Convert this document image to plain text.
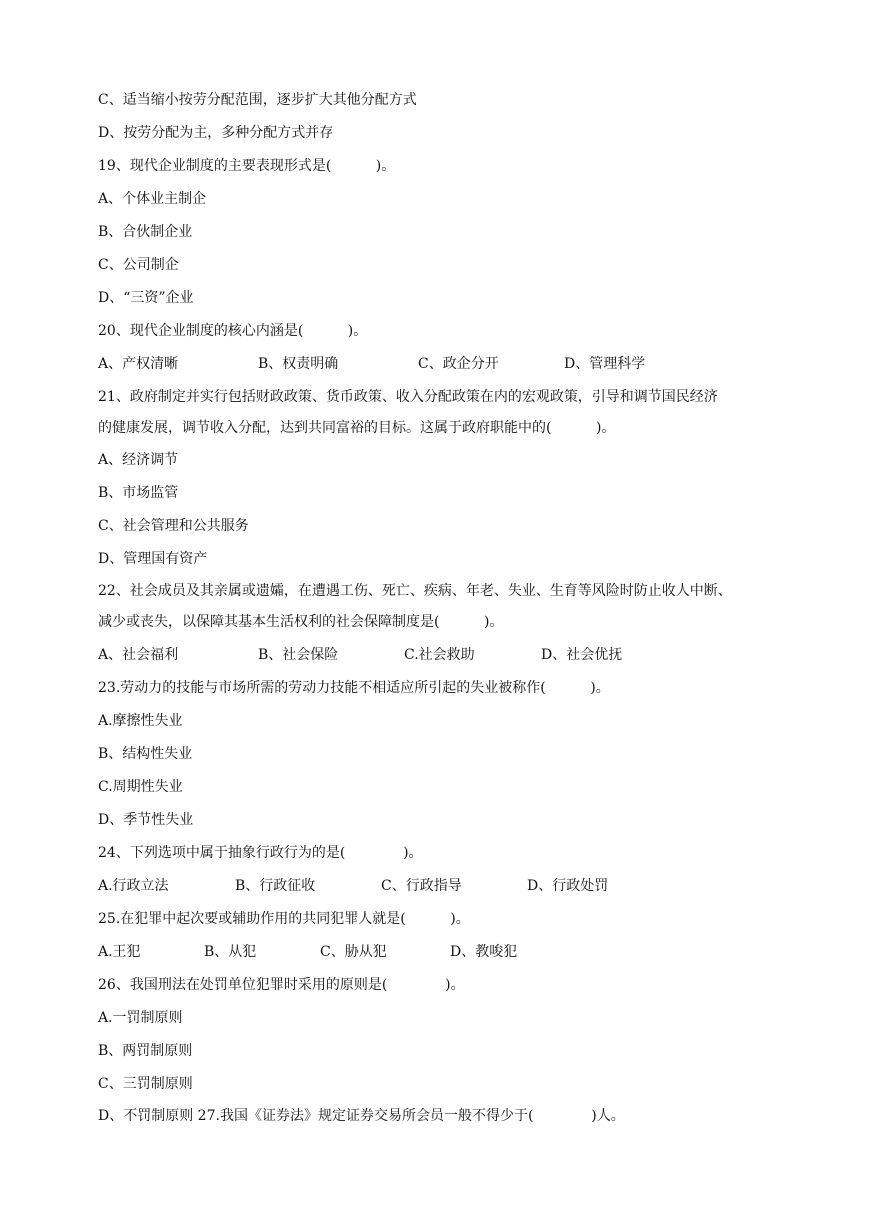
C、适当缩小按劳分配范围，逐步扩大其他分配方式
D、按劳分配为主，多种分配方式并存
19、现代企业制度的主要表现形式是(          )。
A、个体业主制企
B、合伙制企业
C、公司制企
D、“三资”企业
20、现代企业制度的核心内涵是(          )。

A、产权清晰

	B、权责明确

	C、政企分开

	D、管理科学

21、政府制定并实行包括财政政策、货币政策、收入分配政策在内的宏观政策，引导和调节国民经济
的健康发展，调节收入分配，达到共同富裕的目标。这属于政府职能中的(          )。
A、经济调节
B、市场监管
C、社会管理和公共服务
D、管理国有资产
22、社会成员及其亲属或遗孀，在遭遇工伤、死亡、疾病、年老、失业、生育等风险时防止收人中断、
减少或丧失，以保障其基本生活权利的社会保障制度是(          )。

A、社会福利

	B、社会保险

	C.社会救助

	D、社会优抚

23.劳动力的技能与市场所需的劳动力技能不相适应所引起的失业被称作(          )。
A.摩擦性失业
B、结构性失业
C.周期性失业
D、季节性失业
24、下列选项中属于抽象行政行为的是(             )。

A.行政立法

	B、行政征收

	C、行政指导

	D、行政处罚

25.在犯罪中起次要或辅助作用的共同犯罪人就是(          )。

A.王犯

	B、从犯

	C、胁从犯

	D、教唆犯

26、我国刑法在处罚单位犯罪时采用的原则是(             )。
A.一罚制原则
B、两罚制原则
C、三罚制原则
D、不罚制原则 27.我国《证券法》规定证券交易所会员一般不得少于(             )人。
